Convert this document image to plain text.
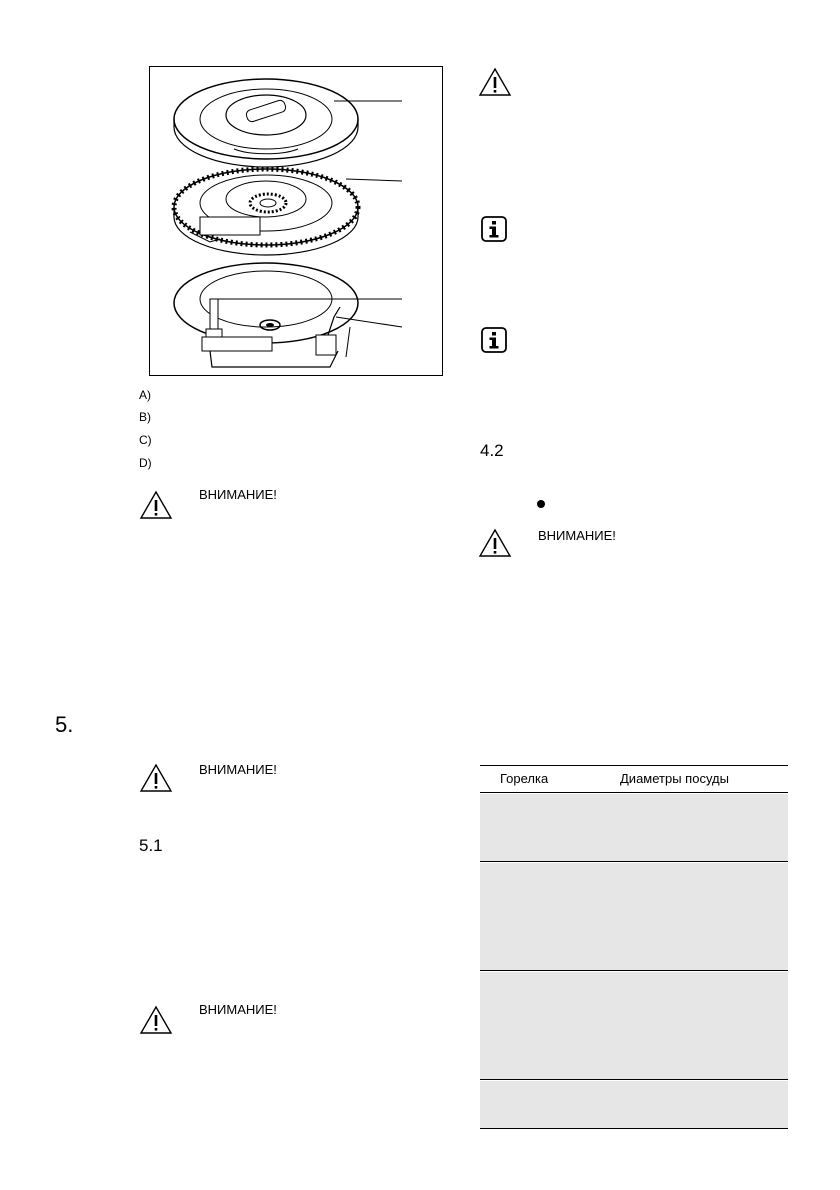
A)
B)
C)
D)
ВНИМАНИЕ!
4.2
ВНИМАНИЕ!
5.
ВНИМАНИЕ!
5.1
ВНИМАНИЕ!
Горелка	Диаметры посуды
